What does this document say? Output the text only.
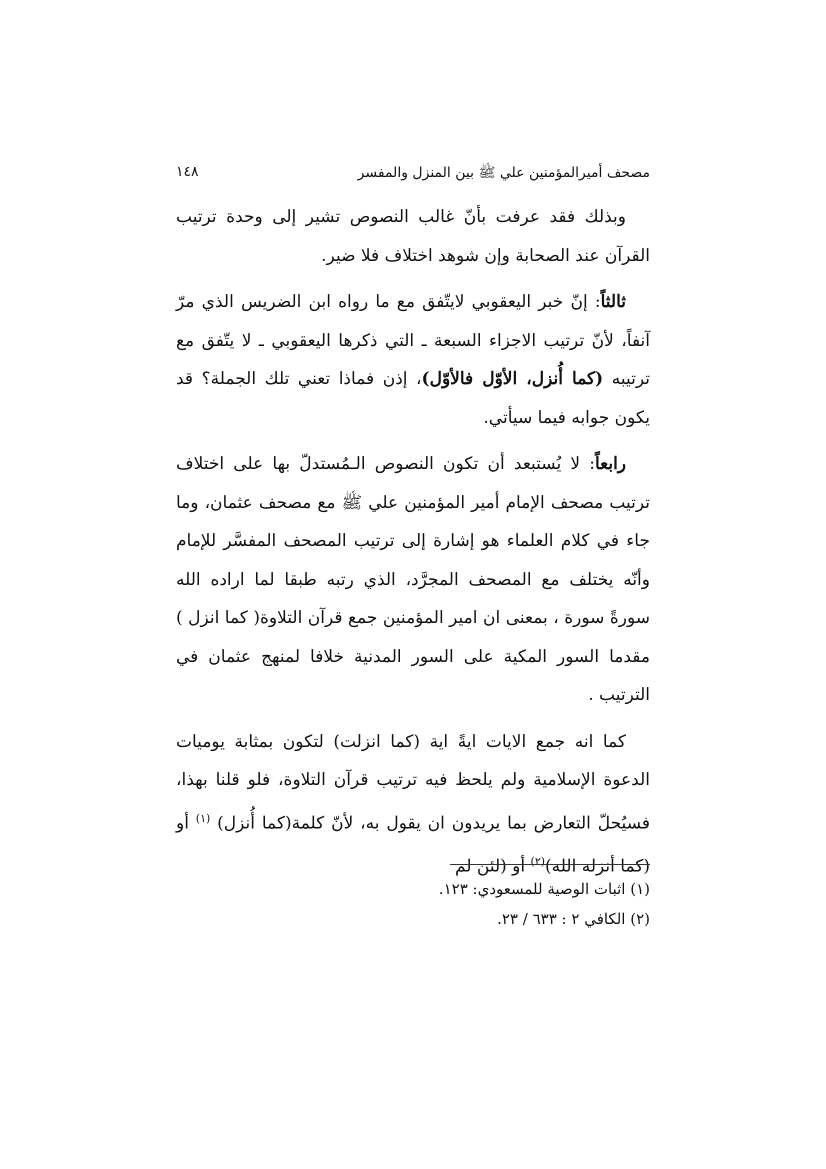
مصحف أميرالمؤمنين علي ﷺ بين المنزل والمفسر
١٤٨

وبذلك فقد عرفت بأنّ غالب النصوص تشير إلى وحدة ترتيب القرآن عند الصحابة وإن شوهد اختلاف فلا ضير.

ثالثاً: إنّ خبر اليعقوبي لايتّفق مع ما رواه ابن الضريس الذي مرّ آنفاً، لأنّ ترتيب الاجزاء السبعة ـ التي ذكرها اليعقوبي ـ لا يتّفق مع ترتيبه (كما أُنزل، الأوّل فالأوّل)، إذن فماذا تعني تلك الجملة؟ قد يكون جوابه فيما سيأتي.

رابعاً: لا يُستبعد أن تكون النصوص الـمُستدلّ بها على اختلاف ترتيب مصحف الإمام أمير المؤمنين علي ﷺ مع مصحف عثمان، وما جاء في كلام العلماء هو إشارة إلى ترتيب المصحف المفسَّر للإمام وأنّه يختلف مع المصحف المجرَّد، الذي رتبه طبقا لما اراده الله سورةً سورة ، بمعنى ان امير المؤمنين جمع قرآن التلاوة( كما انزل ) مقدما السور المكية على السور المدنية خلافا لمنهج عثمان في الترتيب .

كما انه جمع الايات ايةً اية (كما انزلت) لتكون بمثابة يوميات الدعوة الإسلامية ولم يلحظ فيه ترتيب قرآن التلاوة، فلو قلنا بهذا، فسيُحلّ التعارض بما يريدون ان يقول به، لأنّ كلمة(كما أُنزل) $^{(١)}$ أو (كما أنزله الله)$^{(٢)}$ أو (لئن لم

(١) اثبات الوصية للمسعودي: ١٢٣.
(٢) الكافي ٢ : ٦٣٣ / ٢٣.
